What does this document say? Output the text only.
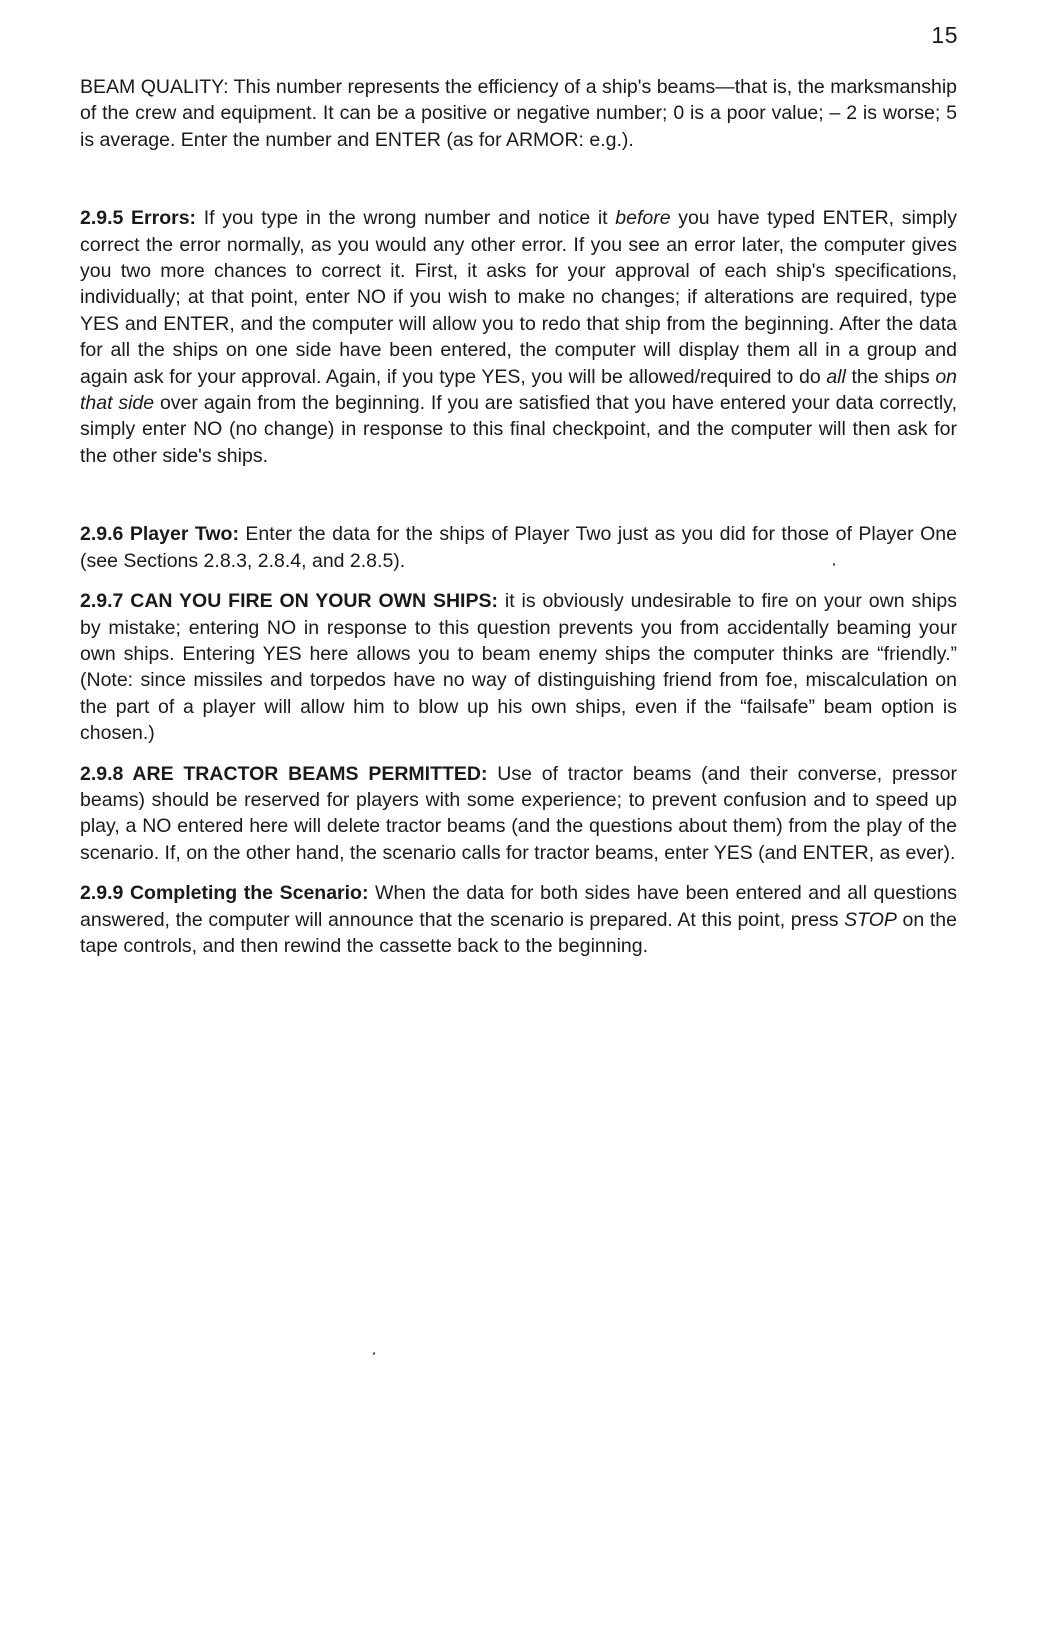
15

BEAM QUALITY: This number represents the efficiency of a ship's beams—that is, the marksmanship of the crew and equipment. It can be a positive or negative number; 0 is a poor value; – 2 is worse; 5 is average. Enter the number and ENTER (as for ARMOR: e.g.).

2.9.5 Errors: If you type in the wrong number and notice it before you have typed ENTER, simply correct the error normally, as you would any other error. If you see an error later, the computer gives you two more chances to correct it. First, it asks for your approval of each ship's specifications, individually; at that point, enter NO if you wish to make no changes; if alterations are required, type YES and ENTER, and the computer will allow you to redo that ship from the beginning. After the data for all the ships on one side have been entered, the computer will display them all in a group and again ask for your approval. Again, if you type YES, you will be allowed/required to do all the ships on that side over again from the beginning. If you are satisfied that you have entered your data correctly, simply enter NO (no change) in response to this final checkpoint, and the computer will then ask for the other side's ships.

2.9.6 Player Two: Enter the data for the ships of Player Two just as you did for those of Player One (see Sections 2.8.3, 2.8.4, and 2.8.5).

2.9.7 CAN YOU FIRE ON YOUR OWN SHIPS: it is obviously undesirable to fire on your own ships by mistake; entering NO in response to this question prevents you from accidentally beaming your own ships. Entering YES here allows you to beam enemy ships the computer thinks are “friendly.” (Note: since missiles and torpedos have no way of distinguishing friend from foe, miscalculation on the part of a player will allow him to blow up his own ships, even if the “failsafe” beam option is chosen.)

2.9.8 ARE TRACTOR BEAMS PERMITTED: Use of tractor beams (and their converse, pressor beams) should be reserved for players with some experience; to prevent confusion and to speed up play, a NO entered here will delete tractor beams (and the questions about them) from the play of the scenario. If, on the other hand, the scenario calls for tractor beams, enter YES (and ENTER, as ever).

2.9.9 Completing the Scenario: When the data for both sides have been entered and all questions answered, the computer will announce that the scenario is prepared. At this point, press STOP on the tape controls, and then rewind the cassette back to the beginning.
